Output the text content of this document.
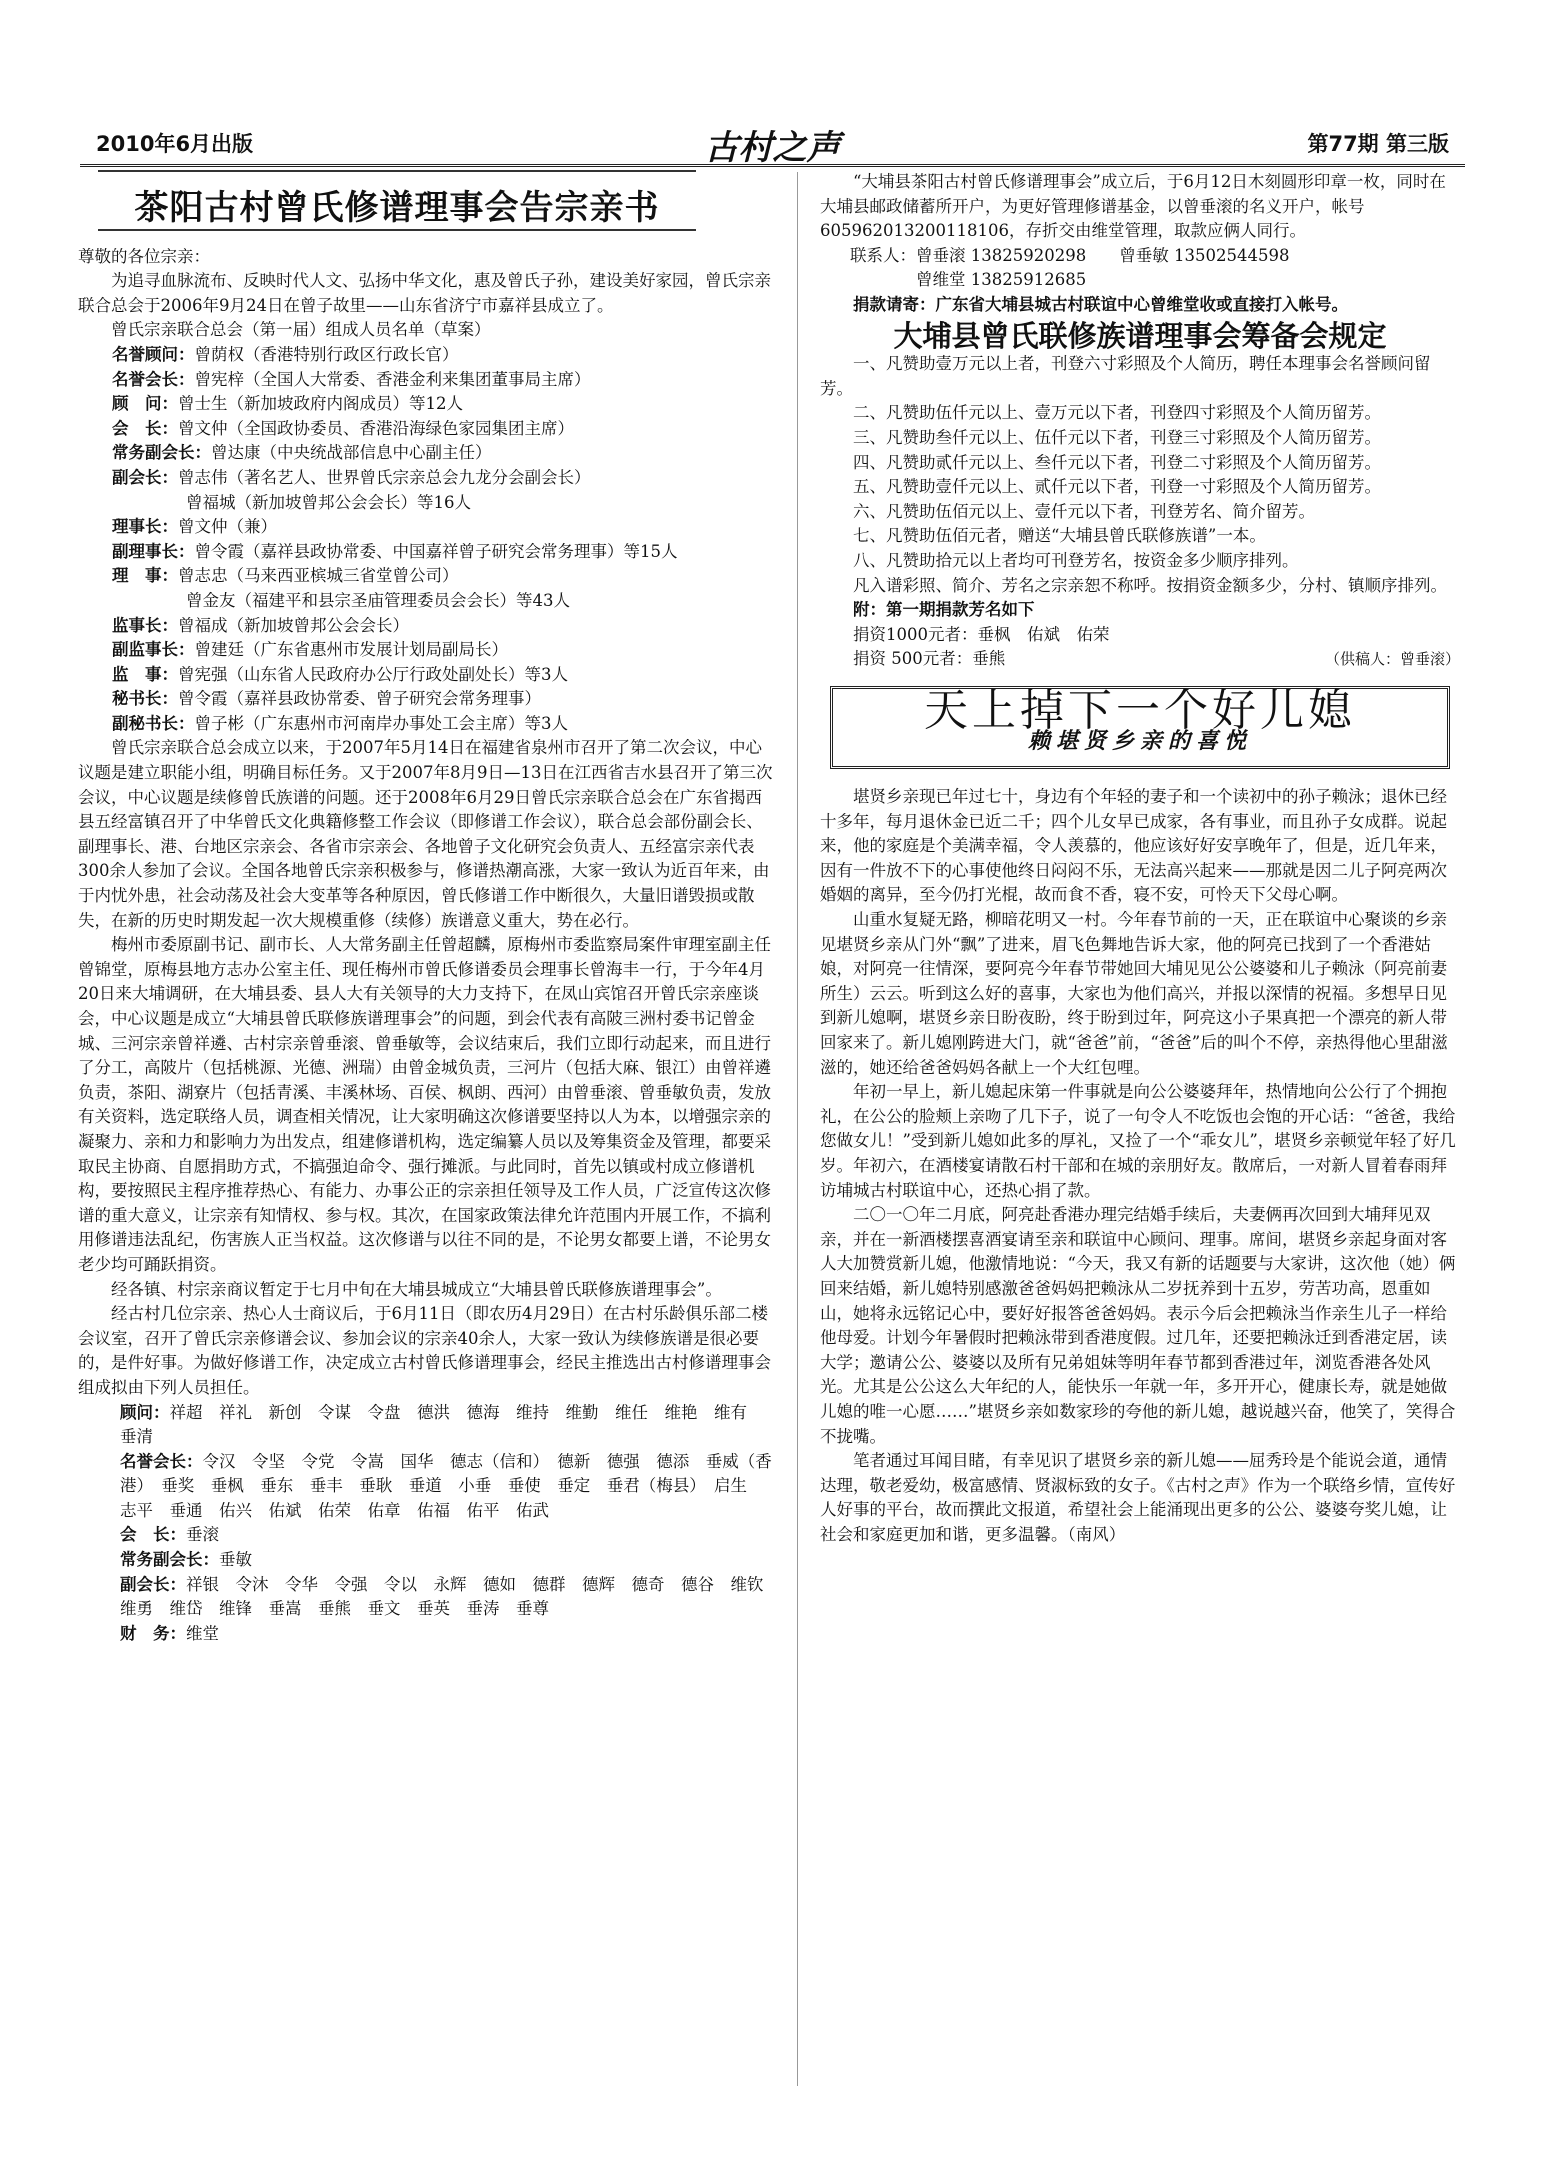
2010年6月出版	古村之声	第77期 第三版
茶阳古村曾氏修谱理事会告宗亲书

尊敬的各位宗亲：

为追寻血脉流布、反映时代人文、弘扬中华文化，惠及曾氏子孙，建设美好家园，曾氏宗亲联合总会于2006年9月24日在曾子故里——山东省济宁市嘉祥县成立了。

曾氏宗亲联合总会（第一届）组成人员名单（草案）

名誉顾问：曾荫权（香港特别行政区行政长官）

名誉会长：曾宪梓（全国人大常委、香港金利来集团董事局主席）

顾　问：曾士生（新加坡政府内阁成员）等12人

会　长：曾文仲（全国政协委员、香港沿海绿色家园集团主席）

常务副会长：曾达康（中央统战部信息中心副主任）

副会长：曾志伟（著名艺人、世界曾氏宗亲总会九龙分会副会长）

曾福城（新加坡曾邦公会会长）等16人

理事长：曾文仲（兼）

副理事长：曾令霞（嘉祥县政协常委、中国嘉祥曾子研究会常务理事）等15人

理　事：曾志忠（马来西亚槟城三省堂曾公司）

曾金友（福建平和县宗圣庙管理委员会会长）等43人

监事长：曾福成（新加坡曾邦公会会长）

副监事长：曾建廷（广东省惠州市发展计划局副局长）

监　事：曾宪强（山东省人民政府办公厅行政处副处长）等3人

秘书长：曾令霞（嘉祥县政协常委、曾子研究会常务理事）

副秘书长：曾子彬（广东惠州市河南岸办事处工会主席）等3人

曾氏宗亲联合总会成立以来，于2007年5月14日在福建省泉州市召开了第二次会议，中心议题是建立职能小组，明确目标任务。又于2007年8月9日—13日在江西省吉水县召开了第三次会议，中心议题是续修曾氏族谱的问题。还于2008年6月29日曾氏宗亲联合总会在广东省揭西县五经富镇召开了中华曾氏文化典籍修整工作会议（即修谱工作会议），联合总会部份副会长、副理事长、港、台地区宗亲会、各省市宗亲会、各地曾子文化研究会负责人、五经富宗亲代表300余人参加了会议。全国各地曾氏宗亲积极参与，修谱热潮高涨，大家一致认为近百年来，由于内忧外患，社会动荡及社会大变革等各种原因，曾氏修谱工作中断很久，大量旧谱毁损或散失，在新的历史时期发起一次大规模重修（续修）族谱意义重大，势在必行。

梅州市委原副书记、副市长、人大常务副主任曾超麟，原梅州市委监察局案件审理室副主任曾锦堂，原梅县地方志办公室主任、现任梅州市曾氏修谱委员会理事长曾海丰一行，于今年4月20日来大埔调研，在大埔县委、县人大有关领导的大力支持下，在凤山宾馆召开曾氏宗亲座谈会，中心议题是成立“大埔县曾氏联修族谱理事会”的问题，到会代表有高陂三洲村委书记曾金城、三河宗亲曾祥遴、古村宗亲曾垂滚、曾垂敏等，会议结束后，我们立即行动起来，而且进行了分工，高陂片（包括桃源、光德、洲瑞）由曾金城负责，三河片（包括大麻、银江）由曾祥遴负责，茶阳、湖寮片（包括青溪、丰溪林场、百侯、枫朗、西河）由曾垂滚、曾垂敏负责，发放有关资料，选定联络人员，调查相关情况，让大家明确这次修谱要坚持以人为本，以增强宗亲的凝聚力、亲和力和影响力为出发点，组建修谱机构，选定编纂人员以及筹集资金及管理，都要采取民主协商、自愿捐助方式，不搞强迫命令、强行摊派。与此同时，首先以镇或村成立修谱机构，要按照民主程序推荐热心、有能力、办事公正的宗亲担任领导及工作人员，广泛宣传这次修谱的重大意义，让宗亲有知情权、参与权。其次，在国家政策法律允许范围内开展工作，不搞利用修谱违法乱纪，伤害族人正当权益。这次修谱与以往不同的是，不论男女都要上谱，不论男女老少均可踊跃捐资。

经各镇、村宗亲商议暂定于七月中旬在大埔县城成立“大埔县曾氏联修族谱理事会”。

经古村几位宗亲、热心人士商议后，于6月11日（即农历4月29日）在古村乐龄俱乐部二楼会议室，召开了曾氏宗亲修谱会议、参加会议的宗亲40余人，大家一致认为续修族谱是很必要的，是件好事。为做好修谱工作，决定成立古村曾氏修谱理事会，经民主推选出古村修谱理事会组成拟由下列人员担任。

顾问：祥超　祥礼　新创　令谋　令盘　德洪　德海　维持　维勤　维任　维艳　维有　垂清

名誉会长：令汉　令坚　令党　令嵩　国华　德志（信和）　德新　德强　德添　垂威（香港）　垂奖　垂枫　垂东　垂丰　垂耿　垂道　小垂　垂使　垂定　垂君（梅县）　启生　志平　垂通　佑兴　佑斌　佑荣　佑章　佑福　佑平　佑武

会　长：垂滚

常务副会长：垂敏

副会长：祥银　令沐　令华　令强　令以　永辉　德如　德群　德辉　德奇　德谷　维钦　维勇　维岱　维锋　垂嵩　垂熊　垂文　垂英　垂涛　垂尊

财　务：维堂

“大埔县茶阳古村曾氏修谱理事会”成立后，于6月12日木刻圆形印章一枚，同时在大埔县邮政储蓄所开户，为更好管理修谱基金，以曾垂滚的名义开户，帐号605962013200118106，存折交由维堂管理，取款应俩人同行。

联系人：曾垂滚 13825920298   曾垂敏 13502544598

曾维堂 13825912685

捐款请寄：广东省大埔县城古村联谊中心曾维堂收或直接打入帐号。

大埔县曾氏联修族谱理事会筹备会规定

一、凡赞助壹万元以上者，刊登六寸彩照及个人简历，聘任本理事会名誉顾问留芳。

二、凡赞助伍仟元以上、壹万元以下者，刊登四寸彩照及个人简历留芳。

三、凡赞助叁仟元以上、伍仟元以下者，刊登三寸彩照及个人简历留芳。

四、凡赞助贰仟元以上、叁仟元以下者，刊登二寸彩照及个人简历留芳。

五、凡赞助壹仟元以上、贰仟元以下者，刊登一寸彩照及个人简历留芳。

六、凡赞助伍佰元以上、壹仟元以下者，刊登芳名、简介留芳。

七、凡赞助伍佰元者，赠送“大埔县曾氏联修族谱”一本。

八、凡赞助拾元以上者均可刊登芳名，按资金多少顺序排列。

凡入谱彩照、简介、芳名之宗亲恕不称呼。按捐资金额多少，分村、镇顺序排列。

附：第一期捐款芳名如下

捐资1000元者：垂枫　佑斌　佑荣

捐资 500元者：垂熊	（供稿人：曾垂滚）

天上掉下一个好儿媳
赖堪贤乡亲的喜悦

堪贤乡亲现已年过七十，身边有个年轻的妻子和一个读初中的孙子赖泳；退休已经十多年，每月退休金已近二千；四个儿女早已成家，各有事业，而且孙子女成群。说起来，他的家庭是个美满幸福，令人羡慕的，他应该好好安享晚年了，但是，近几年来，因有一件放不下的心事使他终日闷闷不乐，无法高兴起来——那就是因二儿子阿亮两次婚姻的离异，至今仍打光棍，故而食不香，寝不安，可怜天下父母心啊。

山重水复疑无路，柳暗花明又一村。今年春节前的一天，正在联谊中心聚谈的乡亲见堪贤乡亲从门外“飘”了进来，眉飞色舞地告诉大家，他的阿亮已找到了一个香港姑娘，对阿亮一往情深，要阿亮今年春节带她回大埔见见公公婆婆和儿子赖泳（阿亮前妻所生）云云。听到这么好的喜事，大家也为他们高兴，并报以深情的祝福。多想早日见到新儿媳啊，堪贤乡亲日盼夜盼，终于盼到过年，阿亮这小子果真把一个漂亮的新人带回家来了。新儿媳刚跨进大门，就“爸爸”前，“爸爸”后的叫个不停，亲热得他心里甜滋滋的，她还给爸爸妈妈各献上一个大红包哩。

年初一早上，新儿媳起床第一件事就是向公公婆婆拜年，热情地向公公行了个拥抱礼，在公公的脸颊上亲吻了几下子，说了一句令人不吃饭也会饱的开心话：“爸爸，我给您做女儿！”受到新儿媳如此多的厚礼，又捡了一个“乖女儿”，堪贤乡亲顿觉年轻了好几岁。年初六，在酒楼宴请散石村干部和在城的亲朋好友。散席后，一对新人冒着春雨拜访埔城古村联谊中心，还热心捐了款。

二〇一〇年二月底，阿亮赴香港办理完结婚手续后，夫妻俩再次回到大埔拜见双亲，并在一新酒楼摆喜酒宴请至亲和联谊中心顾问、理事。席间，堪贤乡亲起身面对客人大加赞赏新儿媳，他激情地说：“今天，我又有新的话题要与大家讲，这次他（她）俩回来结婚，新儿媳特别感激爸爸妈妈把赖泳从二岁抚养到十五岁，劳苦功高，恩重如山，她将永远铭记心中，要好好报答爸爸妈妈。表示今后会把赖泳当作亲生儿子一样给他母爱。计划今年暑假时把赖泳带到香港度假。过几年，还要把赖泳迁到香港定居，读大学；邀请公公、婆婆以及所有兄弟姐妹等明年春节都到香港过年，浏览香港各处风光。尤其是公公这么大年纪的人，能快乐一年就一年，多开开心，健康长寿，就是她做儿媳的唯一心愿……”堪贤乡亲如数家珍的夸他的新儿媳，越说越兴奋，他笑了，笑得合不拢嘴。

笔者通过耳闻目睹，有幸见识了堪贤乡亲的新儿媳——屈秀玲是个能说会道，通情达理，敬老爱幼，极富感情、贤淑标致的女子。《古村之声》作为一个联络乡情，宣传好人好事的平台，故而撰此文报道，希望社会上能涌现出更多的公公、婆婆夸奖儿媳，让社会和家庭更加和谐，更多温馨。（南风）
